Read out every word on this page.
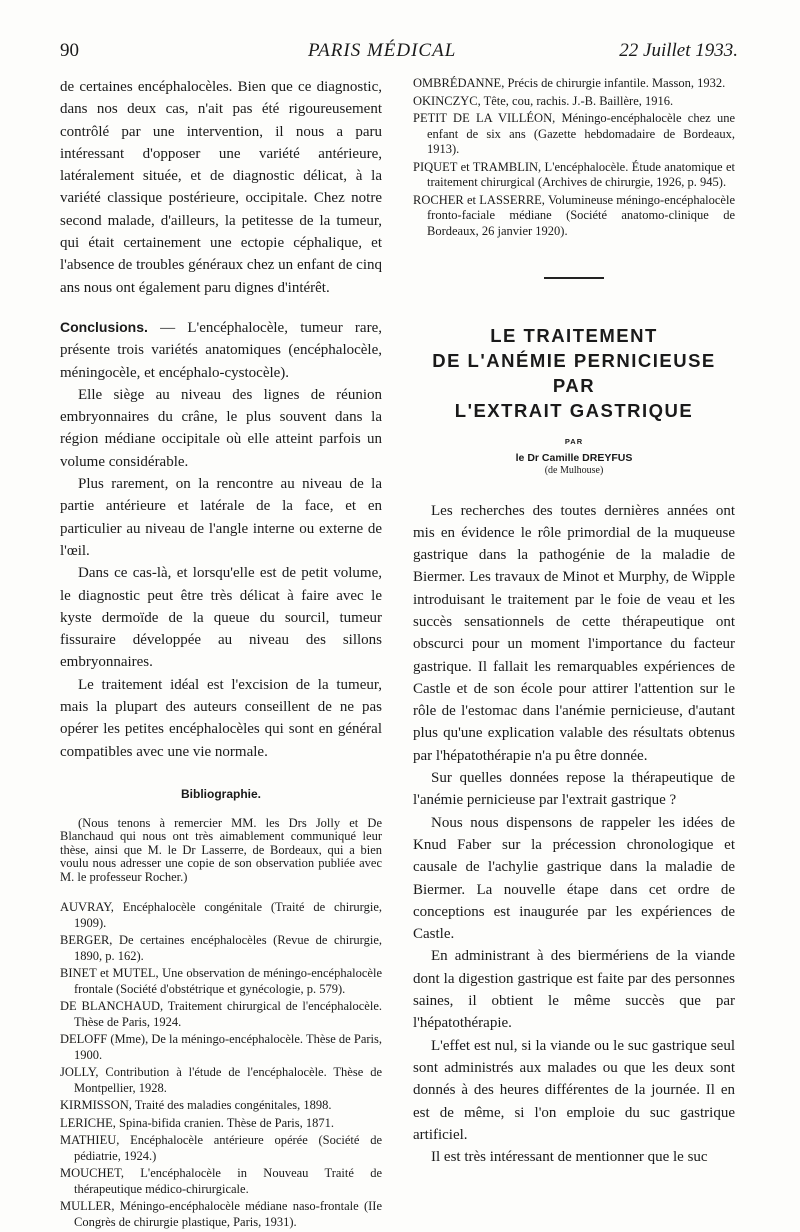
90	PARIS MÉDICAL	22 Juillet 1933.

de certaines encéphalocèles. Bien que ce diagnostic, dans nos deux cas, n'ait pas été rigoureusement contrôlé par une intervention, il nous a paru intéressant d'opposer une variété antérieure, latéralement située, et de diagnostic délicat, à la variété classique postérieure, occipitale. Chez notre second malade, d'ailleurs, la petitesse de la tumeur, qui était certainement une ectopie céphalique, et l'absence de troubles généraux chez un enfant de cinq ans nous ont également paru dignes d'intérêt.

Conclusions. — L'encéphalocèle, tumeur rare, présente trois variétés anatomiques (encéphalocèle, méningocèle, et encéphalo-cystocèle).

Elle siège au niveau des lignes de réunion embryonnaires du crâne, le plus souvent dans la région médiane occipitale où elle atteint parfois un volume considérable.

Plus rarement, on la rencontre au niveau de la partie antérieure et latérale de la face, et en particulier au niveau de l'angle interne ou externe de l'œil.

Dans ce cas-là, et lorsqu'elle est de petit volume, le diagnostic peut être très délicat à faire avec le kyste dermoïde de la queue du sourcil, tumeur fissuraire développée au niveau des sillons embryonnaires.

Le traitement idéal est l'excision de la tumeur, mais la plupart des auteurs conseillent de ne pas opérer les petites encéphalocèles qui sont en général compatibles avec une vie normale.

Bibliographie.

(Nous tenons à remercier MM. les Drs Jolly et De Blanchaud qui nous ont très aimablement communiqué leur thèse, ainsi que M. le Dr Lasserre, de Bordeaux, qui a bien voulu nous adresser une copie de son observation publiée avec M. le professeur Rocher.)

AUVRAY, Encéphalocèle congénitale (Traité de chirurgie, 1909).

BERGER, De certaines encéphalocèles (Revue de chirurgie, 1890, p. 162).

BINET et MUTEL, Une observation de méningo-encéphalocèle frontale (Société d'obstétrique et gynécologie, p. 579).

DE BLANCHAUD, Traitement chirurgical de l'encéphalocèle. Thèse de Paris, 1924.

DELOFF (Mme), De la méningo-encéphalocèle. Thèse de Paris, 1900.

JOLLY, Contribution à l'étude de l'encéphalocèle. Thèse de Montpellier, 1928.

KIRMISSON, Traité des maladies congénitales, 1898.

LERICHE, Spina-bifida cranien. Thèse de Paris, 1871.

MATHIEU, Encéphalocèle antérieure opérée (Société de pédiatrie, 1924.)

MOUCHET, L'encéphalocèle in Nouveau Traité de thérapeutique médico-chirurgicale.

MULLER, Méningo-encéphalocèle médiane naso-frontale (IIe Congrès de chirurgie plastique, Paris, 1931).

OMBRÉDANNE, Précis de chirurgie infantile. Masson, 1932.

OKINCZYC, Tête, cou, rachis. J.-B. Baillère, 1916.

PETIT DE LA VILLÉON, Méningo-encéphalocèle chez une enfant de six ans (Gazette hebdomadaire de Bordeaux, 1913).

PIQUET et TRAMBLIN, L'encéphalocèle. Étude anatomique et traitement chirurgical (Archives de chirurgie, 1926, p. 945).

ROCHER et LASSERRE, Volumineuse méningo-encéphalocèle fronto-faciale médiane (Société anatomo-clinique de Bordeaux, 26 janvier 1920).

LE TRAITEMENT

DE L'ANÉMIE PERNICIEUSE

PAR

L'EXTRAIT GASTRIQUE

PAR

le Dr Camille DREYFUS

(de Mulhouse)

Les recherches des toutes dernières années ont mis en évidence le rôle primordial de la muqueuse gastrique dans la pathogénie de la maladie de Biermer. Les travaux de Minot et Murphy, de Wipple introduisant le traitement par le foie de veau et les succès sensationnels de cette thérapeutique ont obscurci pour un moment l'importance du facteur gastrique. Il fallait les remarquables expériences de Castle et de son école pour attirer l'attention sur le rôle de l'estomac dans l'anémie pernicieuse, d'autant plus qu'une explication valable des résultats obtenus par l'hépatothérapie n'a pu être donnée.

Sur quelles données repose la thérapeutique de l'anémie pernicieuse par l'extrait gastrique ?

Nous nous dispensons de rappeler les idées de Knud Faber sur la précession chronologique et causale de l'achylie gastrique dans la maladie de Biermer. La nouvelle étape dans cet ordre de conceptions est inaugurée par les expériences de Castle.

En administrant à des biermériens de la viande dont la digestion gastrique est faite par des personnes saines, il obtient le même succès que par l'hépatothérapie.

L'effet est nul, si la viande ou le suc gastrique seul sont administrés aux malades ou que les deux sont donnés à des heures différentes de la journée. Il en est de même, si l'on emploie du suc gastrique artificiel.

Il est très intéressant de mentionner que le suc
